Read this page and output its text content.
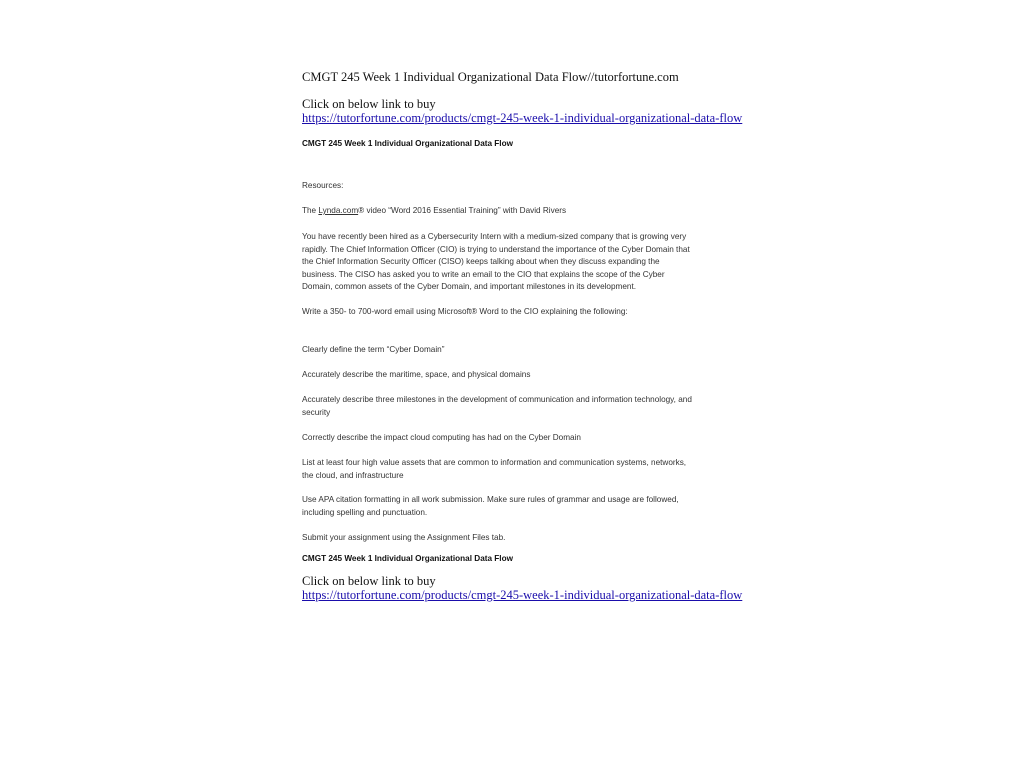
CMGT 245 Week 1 Individual Organizational Data Flow//tutorfortune.com
Click on below link to buy
https://tutorfortune.com/products/cmgt-245-week-1-individual-organizational-data-flow
CMGT 245 Week 1 Individual Organizational Data Flow
Resources:
The Lynda.com® video “Word 2016 Essential Training” with David Rivers
You have recently been hired as a Cybersecurity Intern with a medium-sized company that is growing very
rapidly. The Chief Information Officer (CIO) is trying to understand the importance of the Cyber Domain that
the Chief Information Security Officer (CISO) keeps talking about when they discuss expanding the
business. The CISO has asked you to write an email to the CIO that explains the scope of the Cyber
Domain, common assets of the Cyber Domain, and important milestones in its development.
Write a 350- to 700-word email using Microsoft® Word to the CIO explaining the following:
Clearly define the term “Cyber Domain”
Accurately describe the maritime, space, and physical domains
Accurately describe three milestones in the development of communication and information technology, and
security
Correctly describe the impact cloud computing has had on the Cyber Domain
List at least four high value assets that are common to information and communication systems, networks,
the cloud, and infrastructure
Use APA citation formatting in all work submission. Make sure rules of grammar and usage are followed,
including spelling and punctuation.
Submit your assignment using the Assignment Files tab.
CMGT 245 Week 1 Individual Organizational Data Flow
Click on below link to buy
https://tutorfortune.com/products/cmgt-245-week-1-individual-organizational-data-flow
